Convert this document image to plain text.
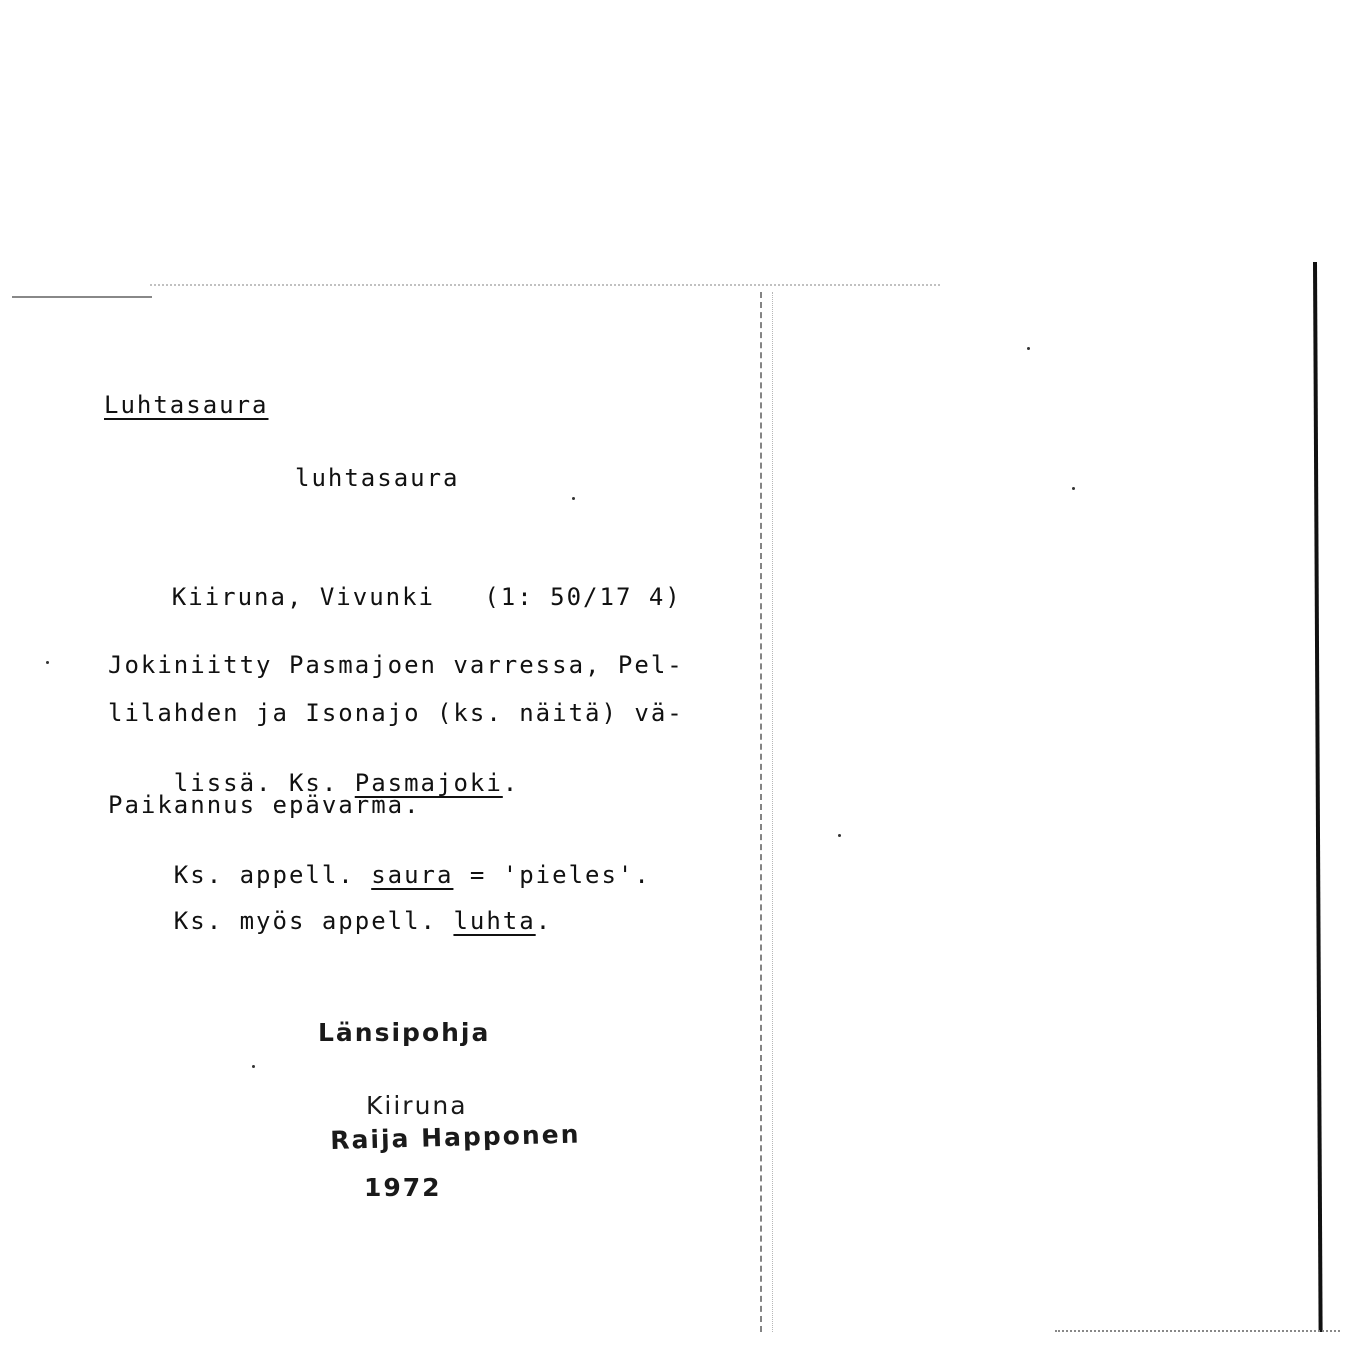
Luhtasaura
luhtasaura

Kiiruna, Vivunki (1: 50/17 4)

Jokiniitty Pasmajoen varressa, Pel-
lilahden ja Isonajo (ks. näitä) vä-

lissä. Ks. Pasmajoki.

Paikannus epävarma.

Ks. appell. saura = 'pieles'.

Ks. myös appell. luhta.

Länsipohja
Kiiruna
Raija Happonen
1972
